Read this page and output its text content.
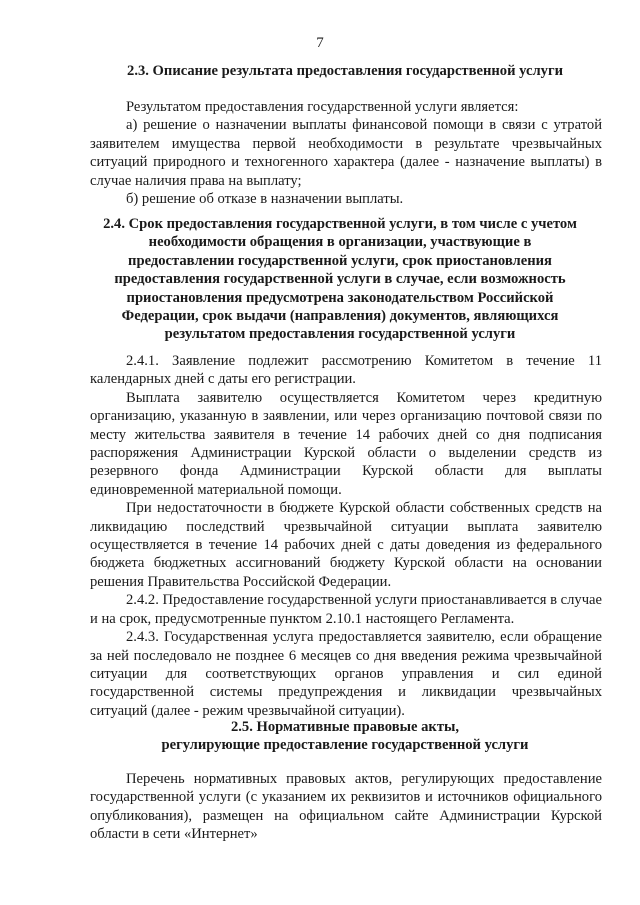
7
2.3. Описание результата предоставления государственной услуги

Результатом предоставления государственной услуги является:

а) решение о назначении выплаты финансовой помощи в связи с утратой заявителем имущества первой необходимости в результате чрезвычайных ситуаций природного и техногенного характера (далее - назначение выплаты) в случае наличия права на выплату;

б) решение об отказе в назначении выплаты.

2.4. Срок предоставления государственной услуги, в том числе с учетом необходимости обращения в организации, участвующие в предоставлении государственной услуги, срок приостановления предоставления государственной услуги в случае, если возможность приостановления предусмотрена законодательством Российской Федерации, срок выдачи (направления) документов, являющихся результатом предоставления государственной услуги

2.4.1. Заявление подлежит рассмотрению Комитетом в течение 11 календарных дней с даты его регистрации.

Выплата заявителю осуществляется Комитетом через кредитную организацию, указанную в заявлении, или через организацию почтовой связи по месту жительства заявителя в течение 14 рабочих дней со дня подписания распоряжения Администрации Курской области о выделении средств из резервного фонда Администрации Курской области для выплаты единовременной материальной помощи.

При недостаточности в бюджете Курской области собственных средств на ликвидацию последствий чрезвычайной ситуации выплата заявителю осуществляется в течение 14 рабочих дней с даты доведения из федерального бюджета бюджетных ассигнований бюджету Курской области на основании решения Правительства Российской Федерации.

2.4.2. Предоставление государственной услуги приостанавливается в случае и на срок, предусмотренные пунктом 2.10.1 настоящего Регламента.

2.4.3. Государственная услуга предоставляется заявителю, если обращение за ней последовало не позднее 6 месяцев со дня введения режима чрезвычайной ситуации для соответствующих органов управления и сил единой государственной системы предупреждения и ликвидации чрезвычайных ситуаций (далее - режим чрезвычайной ситуации).

2.5. Нормативные правовые акты,
регулирующие предоставление государственной услуги

Перечень нормативных правовых актов, регулирующих предоставление государственной услуги (с указанием их реквизитов и источников официального опубликования), размещен на официальном сайте Администрации Курской области в сети «Интернет»
